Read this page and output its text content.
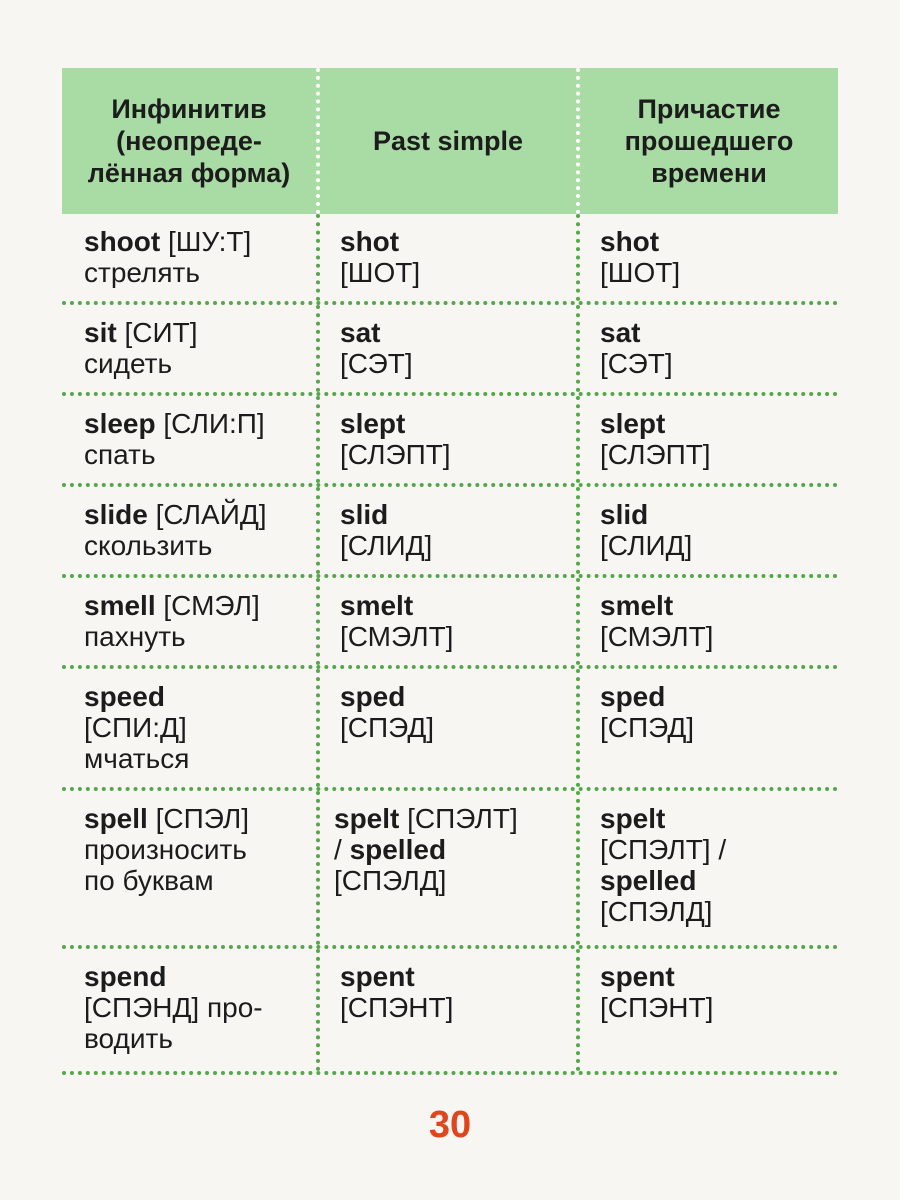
Инфинитив (неопреде-лённая форма)
Past simple
Причастие прошедшего времени
shoot [ШУ:Т]
стрелять
shot
[ШОТ]
shot
[ШОТ]
sit [СИТ]
сидеть
sat
[СЭТ]
sat
[СЭТ]
sleep [СЛИ:П]
спать
slept
[СЛЭПТ]
slept
[СЛЭПТ]
slide [СЛАЙД]
скользить
slid
[СЛИД]
slid
[СЛИД]
smell [СМЭЛ]
пахнуть
smelt
[СМЭЛТ]
smelt
[СМЭЛТ]
speed
[СПИ:Д]
мчаться
sped
[СПЭД]
sped
[СПЭД]
spell [СПЭЛ]
произносить
по буквам
spelt [СПЭЛТ]
/ spelled
[СПЭЛД]
spelt
[СПЭЛТ] /
spelled
[СПЭЛД]
spend
[СПЭНД] про-
водить
spent
[СПЭНТ]
spent
[СПЭНТ]
30
